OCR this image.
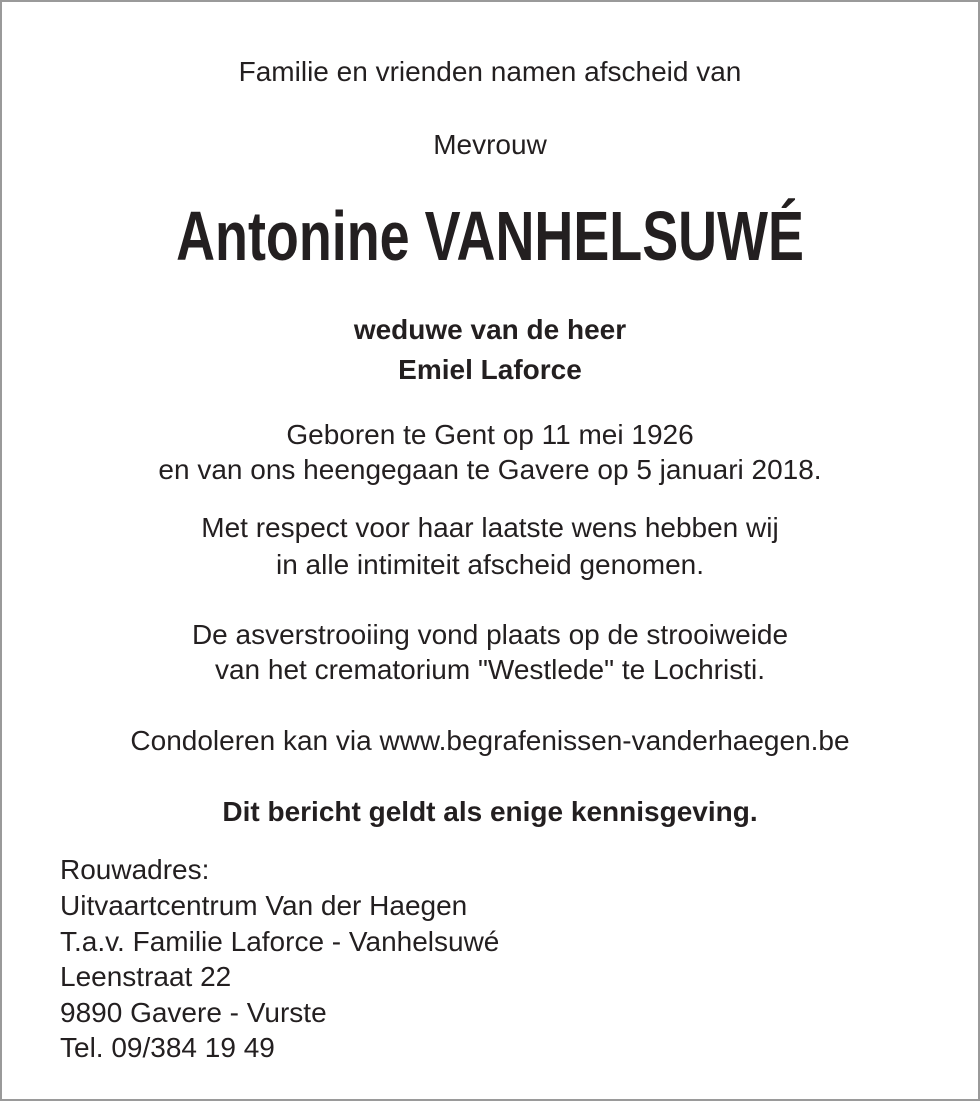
Familie en vrienden namen afscheid van
Mevrouw
Antonine VANHELSUWÉ
weduwe van de heer
Emiel Laforce
Geboren te Gent op 11 mei 1926
en van ons heengegaan te Gavere op 5 januari 2018.
Met respect voor haar laatste wens hebben wij
in alle intimiteit afscheid genomen.
De asverstrooiing vond plaats op de strooiweide
van het crematorium "Westlede" te Lochristi.
Condoleren kan via www.begrafenissen-vanderhaegen.be
Dit bericht geldt als enige kennisgeving.
Rouwadres:
Uitvaartcentrum Van der Haegen
T.a.v. Familie Laforce - Vanhelsuwé
Leenstraat 22
9890 Gavere - Vurste
Tel. 09/384 19 49
